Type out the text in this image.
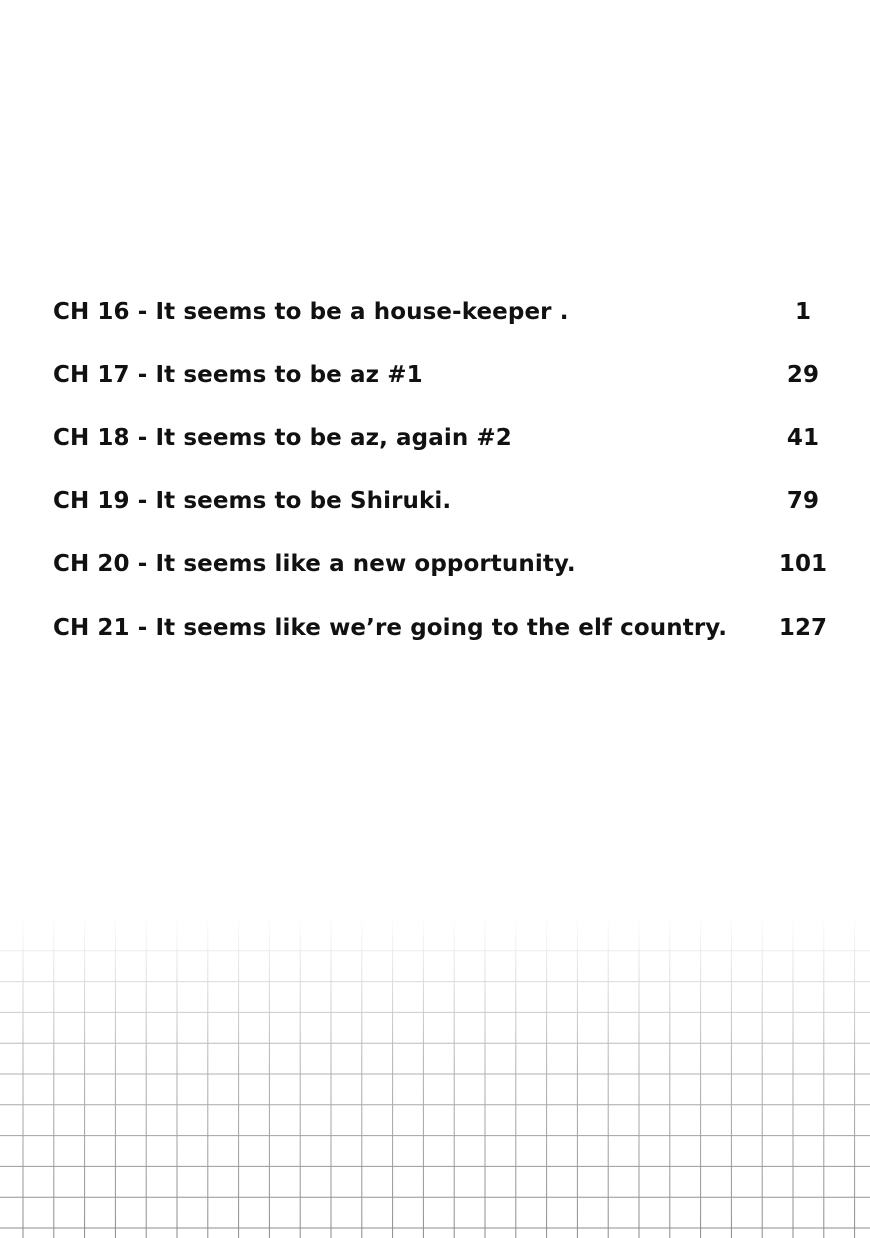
CH 16 - It seems to be a house-keeper .	1
CH 17 - It seems to be az #1	29
CH 18 - It seems to be az, again #2	41
CH 19 - It seems to be Shiruki.	79
CH 20 - It seems like a new opportunity.	101
CH 21 - It seems like we’re going to the elf country.	127
